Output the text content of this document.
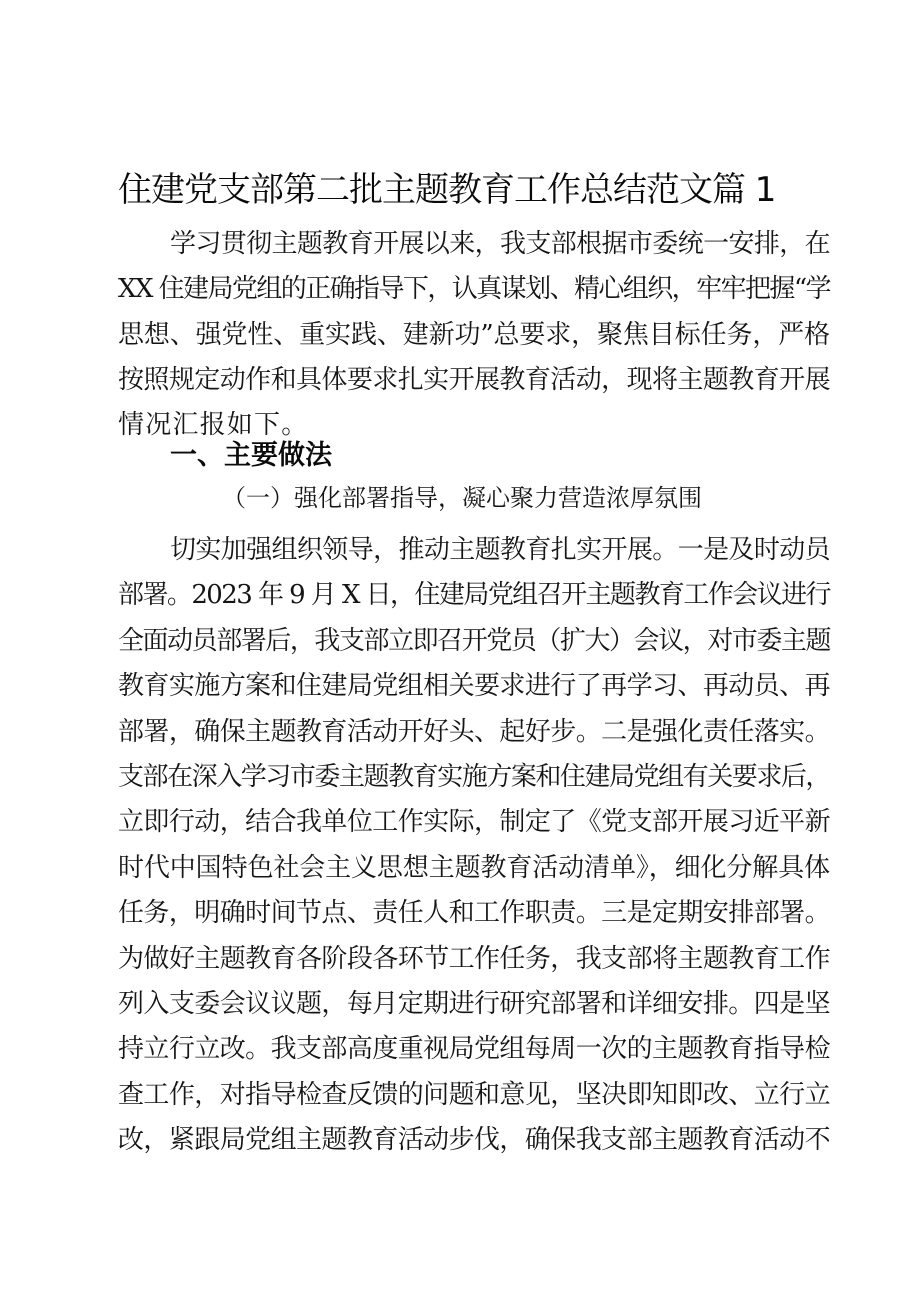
住建党支部第二批主题教育工作总结范文篇 1
学习贯彻主题教育开展以来，我支部根据市委统一安排，在
XX 住建局党组的正确指导下，认真谋划、精心组织，牢牢把握“学
思想、强党性、重实践、建新功”总要求，聚焦目标任务，严格
按照规定动作和具体要求扎实开展教育活动，现将主题教育开展
情况汇报如下。
一、主要做法
（一）强化部署指导，凝心聚力营造浓厚氛围
切实加强组织领导，推动主题教育扎实开展。一是及时动员
部署。2023 年 9 月 X 日，住建局党组召开主题教育工作会议进行
全面动员部署后，我支部立即召开党员（扩大）会议，对市委主题
教育实施方案和住建局党组相关要求进行了再学习、再动员、再
部署，确保主题教育活动开好头、起好步。二是强化责任落实。
支部在深入学习市委主题教育实施方案和住建局党组有关要求后，
立即行动，结合我单位工作实际，制定了《党支部开展习近平新
时代中国特色社会主义思想主题教育活动清单》，细化分解具体
任务，明确时间节点、责任人和工作职责。三是定期安排部署。
为做好主题教育各阶段各环节工作任务，我支部将主题教育工作
列入支委会议议题，每月定期进行研究部署和详细安排。四是坚
持立行立改。我支部高度重视局党组每周一次的主题教育指导检
查工作，对指导检查反馈的问题和意见，坚决即知即改、立行立
改，紧跟局党组主题教育活动步伐，确保我支部主题教育活动不
